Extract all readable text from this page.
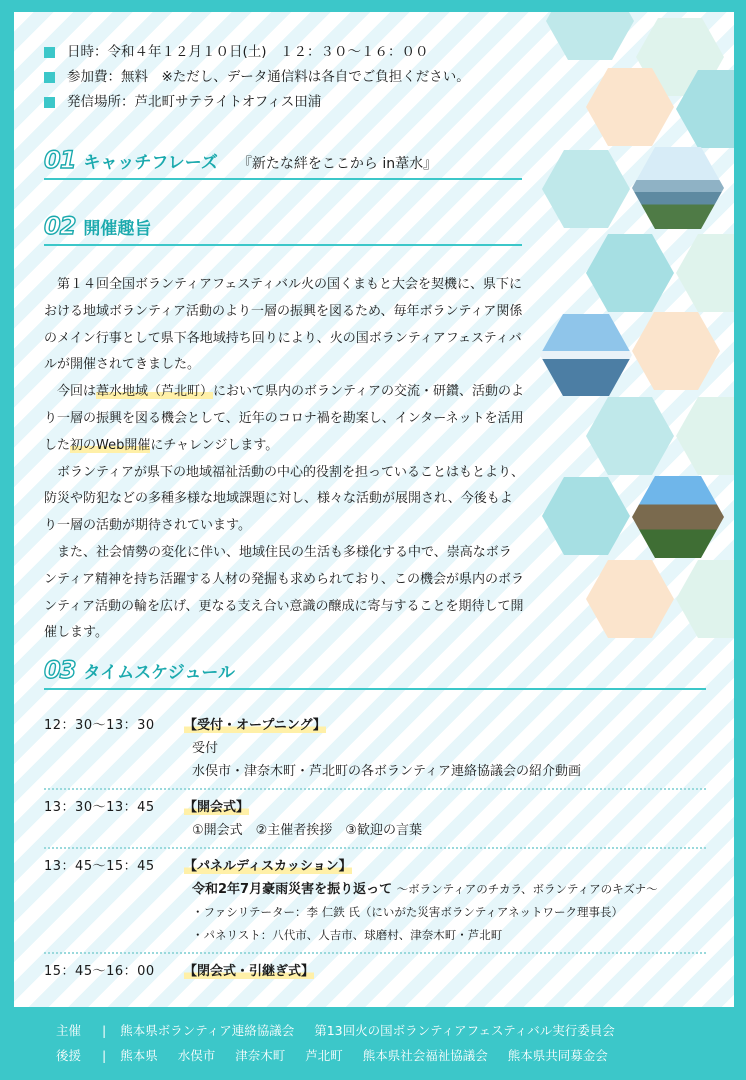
日時：令和４年１２月１０日(土)　１２：３０～１６：００
参加費：無料　※ただし、データ通信料は各自でご負担ください。
発信場所：芦北町サテライトオフィス田浦
01 キャッチフレーズ 『新たな絆をここから in葦水』
02 開催趣旨

第１４回全国ボランティアフェスティバル火の国くまもと大会を契機に、県下における地域ボランティア活動のより一層の振興を図るため、毎年ボランティア関係のメイン行事として県下各地域持ち回りにより、火の国ボランティアフェスティバルが開催されてきました。

今回は葦水地域（芦北町）において県内のボランティアの交流・研鑽、活動のより一層の振興を図る機会として、近年のコロナ禍を勘案し、インターネットを活用した初のWeb開催にチャレンジします。

ボランティアが県下の地域福祉活動の中心的役割を担っていることはもとより、防災や防犯などの多種多様な地域課題に対し、様々な活動が展開され、今後もより一層の活動が期待されています。

また、社会情勢の変化に伴い、地域住民の生活も多様化する中で、崇高なボランティア精神を持ち活躍する人材の発掘も求められており、この機会が県内のボランティア活動の輪を広げ、更なる支え合い意識の醸成に寄与することを期待して開催します。

03 タイムスケジュール
12：30～13：30	【受付・オープニング】
受付
水俣市・津奈木町・芦北町の各ボランティア連絡協議会の紹介動画
13：30～13：45	【開会式】
①開会式　②主催者挨拶　③歓迎の言葉
13：45～15：45	【パネルディスカッション】
令和2年7月豪雨災害を振り返って ～ボランティアのチカラ、ボランティアのキズナ～
・ファシリテーター：李 仁鉄 氏（にいがた災害ボランティアネットワーク理事長）
・パネリスト：八代市、人吉市、球磨村、津奈木町・芦北町
15：45～16：00	【閉会式・引継ぎ式】
主催	| 熊本県ボランティア連絡協議会 第13回火の国ボランティアフェスティバル実行委員会
後援	| 熊本県 水俣市 津奈木町 芦北町 熊本県社会福祉協議会 熊本県共同募金会
